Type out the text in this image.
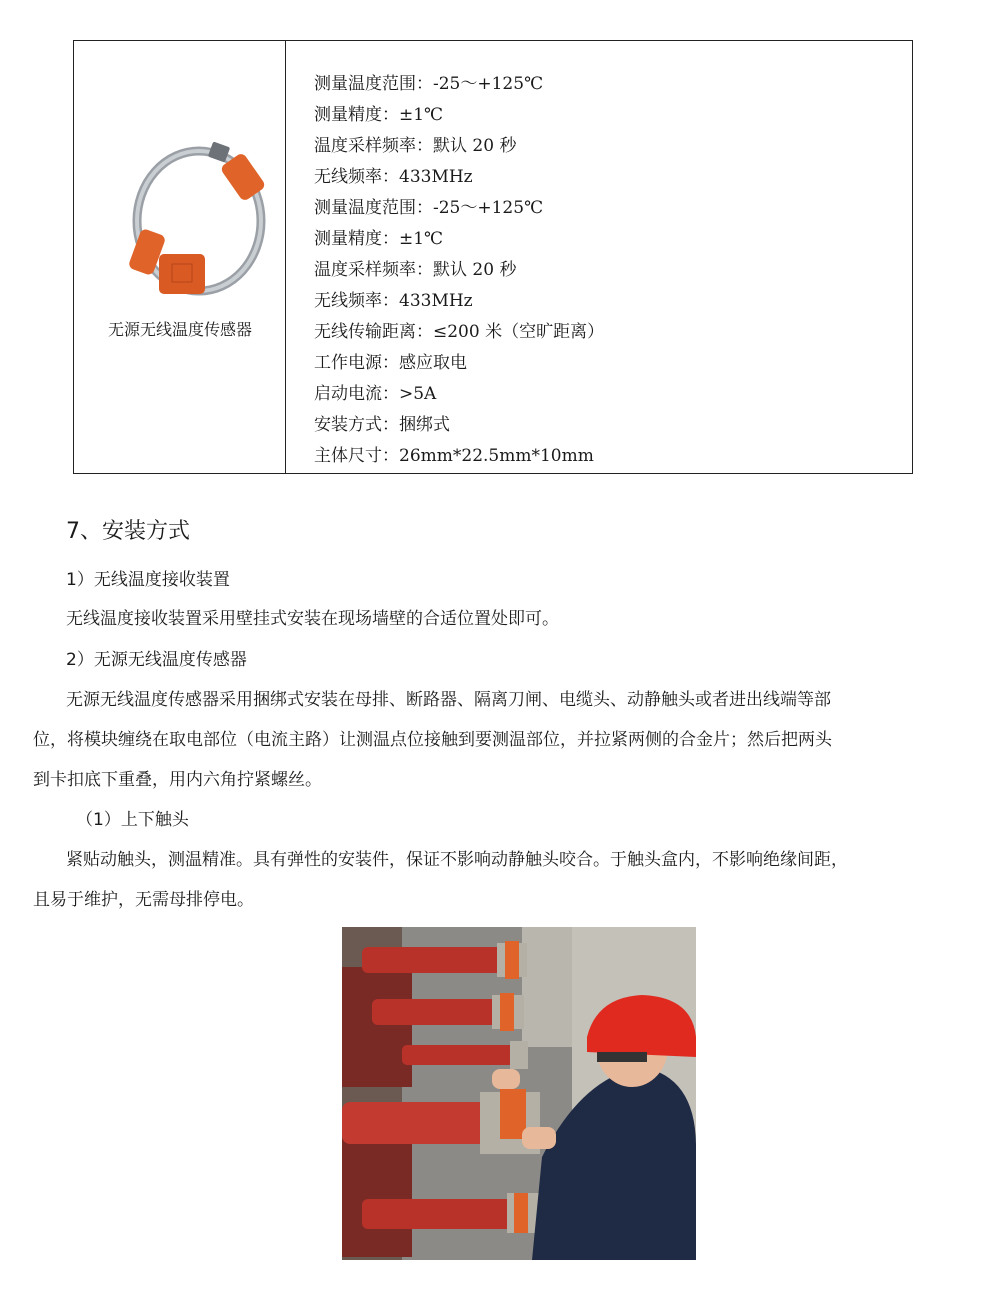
无源无线温度传感器
测量温度范围：-25～+125℃
测量精度：±1℃
温度采样频率：默认 20 秒
无线频率：433MHz
测量温度范围：-25～+125℃
测量精度：±1℃
温度采样频率：默认 20 秒
无线频率：433MHz
无线传输距离：≤200 米（空旷距离）
工作电源：感应取电
启动电流：>5A
安装方式：捆绑式
主体尺寸：26mm*22.5mm*10mm
7、安装方式
1）无线温度接收装置
无线温度接收装置采用壁挂式安装在现场墙壁的合适位置处即可。
2）无源无线温度传感器
无源无线温度传感器采用捆绑式安装在母排、断路器、隔离刀闸、电缆头、动静触头或者进出线端等部
位，将模块缠绕在取电部位（电流主路）让测温点位接触到要测温部位，并拉紧两侧的合金片；然后把两头
到卡扣底下重叠，用内六角拧紧螺丝。
（1）上下触头
紧贴动触头，测温精准。具有弹性的安装件，保证不影响动静触头咬合。于触头盒内，不影响绝缘间距，
且易于维护，无需母排停电。
